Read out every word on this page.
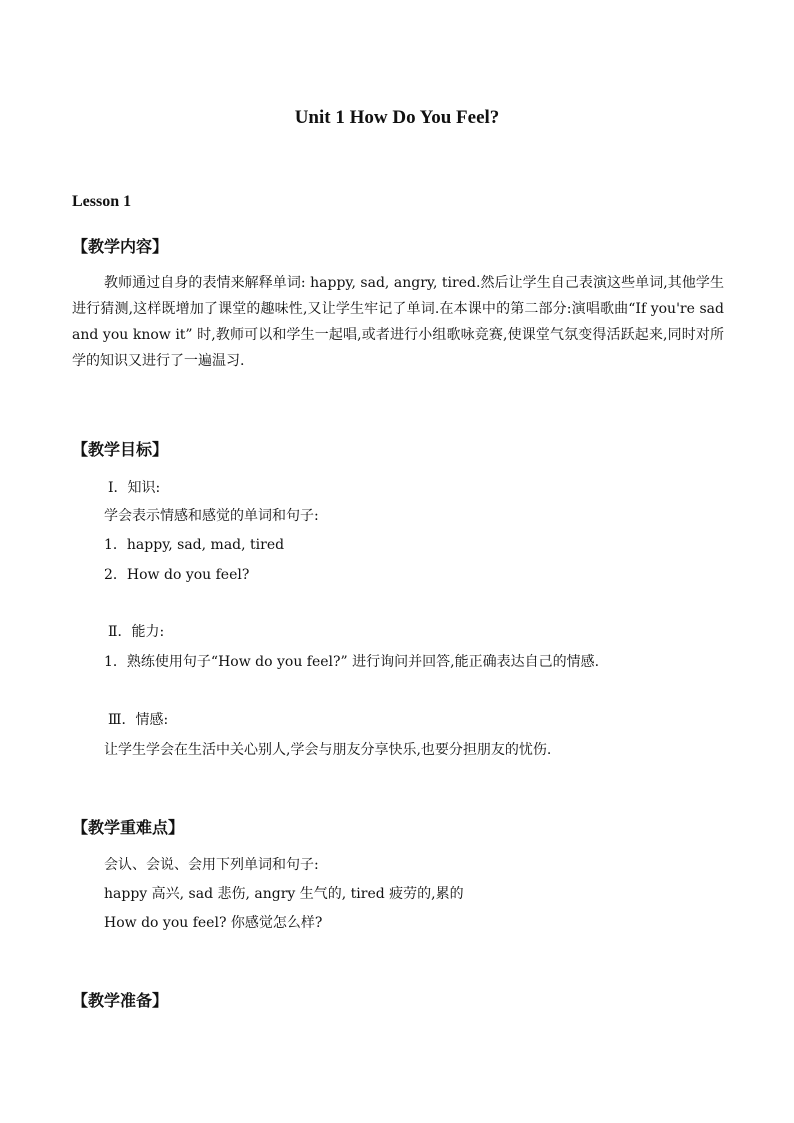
Unit 1 How Do You Feel?
Lesson 1
【教学内容】
教师通过自身的表情来解释单词: happy, sad, angry, tired.然后让学生自己表演这些单词,其他学生进行猜测,这样既增加了课堂的趣味性,又让学生牢记了单词.在本课中的第二部分:演唱歌曲“If you're sad and you know it” 时,教师可以和学生一起唱,或者进行小组歌咏竞赛,使课堂气氛变得活跃起来,同时对所学的知识又进行了一遍温习.
【教学目标】
Ⅰ．知识:
学会表示情感和感觉的单词和句子:
1．happy, sad, mad, tired
2．How do you feel?
Ⅱ．能力:
1．熟练使用句子“How do you feel?” 进行询问并回答,能正确表达自己的情感.
Ⅲ．情感:
让学生学会在生活中关心别人,学会与朋友分享快乐,也要分担朋友的忧伤.
【教学重难点】
会认、会说、会用下列单词和句子:
happy 高兴, sad 悲伤, angry 生气的, tired 疲劳的,累的
How do you feel? 你感觉怎么样?
【教学准备】
